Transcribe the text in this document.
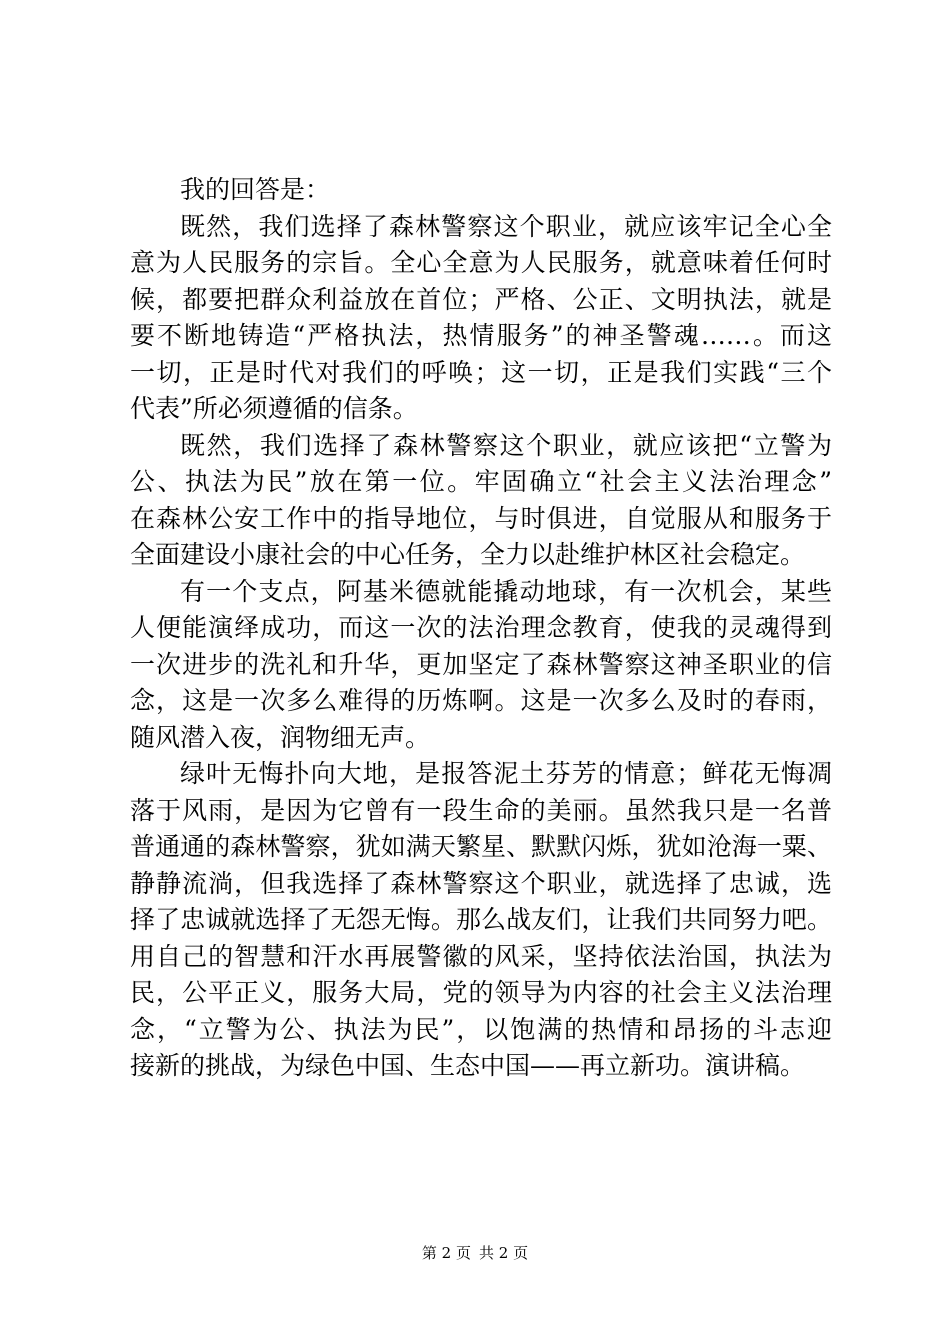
我的回答是：
既然，我们选择了森林警察这个职业，就应该牢记全心全
意为人民服务的宗旨。全心全意为人民服务，就意味着任何时
候，都要把群众利益放在首位；严格、公正、文明执法，就是
要不断地铸造“严格执法，热情服务”的神圣警魂……。而这
一切，正是时代对我们的呼唤；这一切，正是我们实践“三个
代表”所必须遵循的信条。
既然，我们选择了森林警察这个职业，就应该把“立警为
公、执法为民”放在第一位。牢固确立“社会主义法治理念”
在森林公安工作中的指导地位，与时俱进，自觉服从和服务于
全面建设小康社会的中心任务，全力以赴维护林区社会稳定。
有一个支点，阿基米德就能撬动地球，有一次机会，某些
人便能演绎成功，而这一次的法治理念教育，使我的灵魂得到
一次进步的洗礼和升华，更加坚定了森林警察这神圣职业的信
念，这是一次多么难得的历炼啊。这是一次多么及时的春雨，
随风潜入夜，润物细无声。
绿叶无悔扑向大地，是报答泥土芬芳的情意；鲜花无悔凋
落于风雨，是因为它曾有一段生命的美丽。虽然我只是一名普
普通通的森林警察，犹如满天繁星、默默闪烁，犹如沧海一粟、
静静流淌，但我选择了森林警察这个职业，就选择了忠诚，选
择了忠诚就选择了无怨无悔。那么战友们，让我们共同努力吧。
用自己的智慧和汗水再展警徽的风采，坚持依法治国，执法为
民，公平正义，服务大局，党的领导为内容的社会主义法治理
念，“立警为公、执法为民”，以饱满的热情和昂扬的斗志迎
接新的挑战，为绿色中国、生态中国——再立新功。演讲稿。
第 2 页 共 2 页
